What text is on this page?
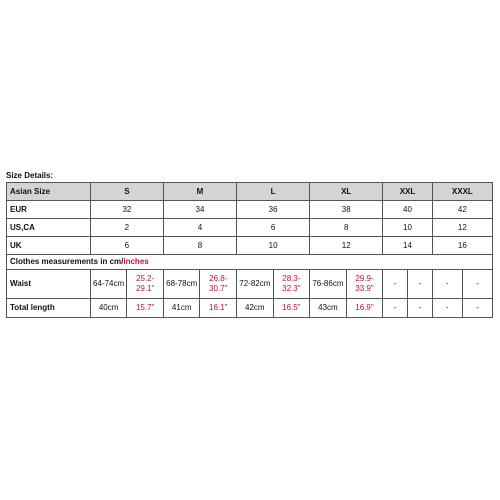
Size Details:
Asian Size	S		M		L		XL		XXL		XXXL	
EUR	32		34		36		38		40		42	
US,CA	2		4		6		8		10		12	
UK	6		8		10		12		14		16	
Clothes measurements in cm/inches												
Waist	64-74cm	25.2-29.1"	68-78cm	26.8-30.7"	72-82cm	28.3-32.3"	76-86cm	29.9-33.9"	-	-	-	-
Total length	40cm	15.7"	41cm	16.1"	42cm	16.5"	43cm	16.9"	-	-	-	-
